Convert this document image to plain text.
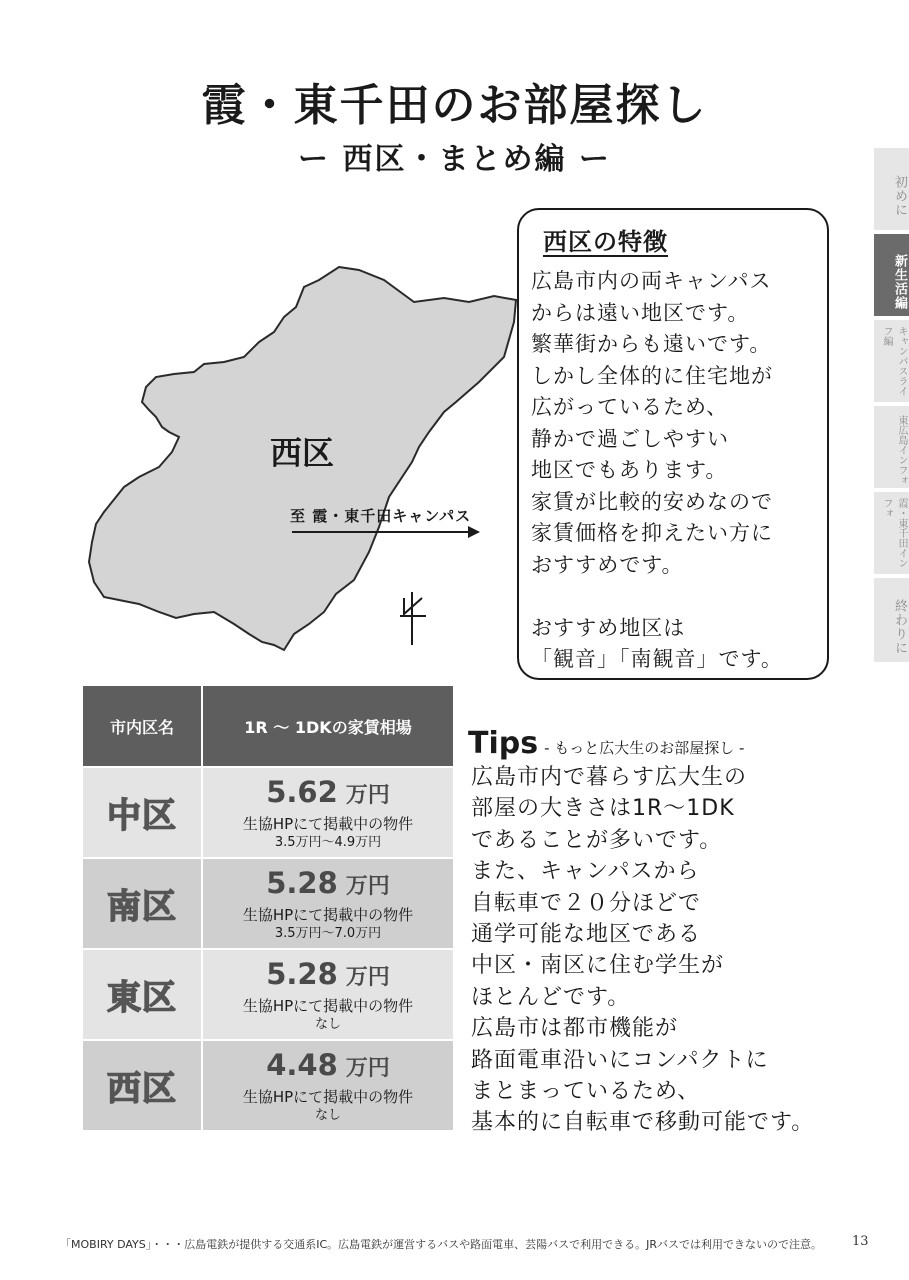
霞・東千田のお部屋探し
ー 西区・まとめ編 ー
初めに
新生活編
キャンパスライフ編
東広島インフォ
霞・東千田インフォ
終わりに
西区
至 霞・東千田キャンパス
西区の特徴
広島市内の両キャンパス
からは遠い地区です。
繁華街からも遠いです。
しかし全体的に住宅地が
広がっているため、
静かで過ごしやすい
地区でもあります。
家賃が比較的安めなので
家賃価格を抑えたい方に
おすすめです。

おすすめ地区は
「観音」「南観音」です。
市内区名	1R 〜 1DKの家賃相場
中区	5.62 万円
生協HPにて掲載中の物件
3.5万円〜4.9万円

南区	5.28 万円
生協HPにて掲載中の物件
3.5万円〜7.0万円

東区	5.28 万円
生協HPにて掲載中の物件
なし

西区	4.48 万円
生協HPにて掲載中の物件
なし
Tips - もっと広大生のお部屋探し -
広島市内で暮らす広大生の
部屋の大きさは1R〜1DK
であることが多いです。
また、キャンパスから
自転車で２０分ほどで
通学可能な地区である
中区・南区に住む学生が
ほとんどです。
広島市は都市機能が
路面電車沿いにコンパクトに
まとまっているため、
基本的に自転車で移動可能です。
「MOBIRY DAYS」・・・広島電鉄が提供する交通系IC。広島電鉄が運営するバスや路面電車、芸陽バスで利用できる。JRバスでは利用できないので注意。 13
